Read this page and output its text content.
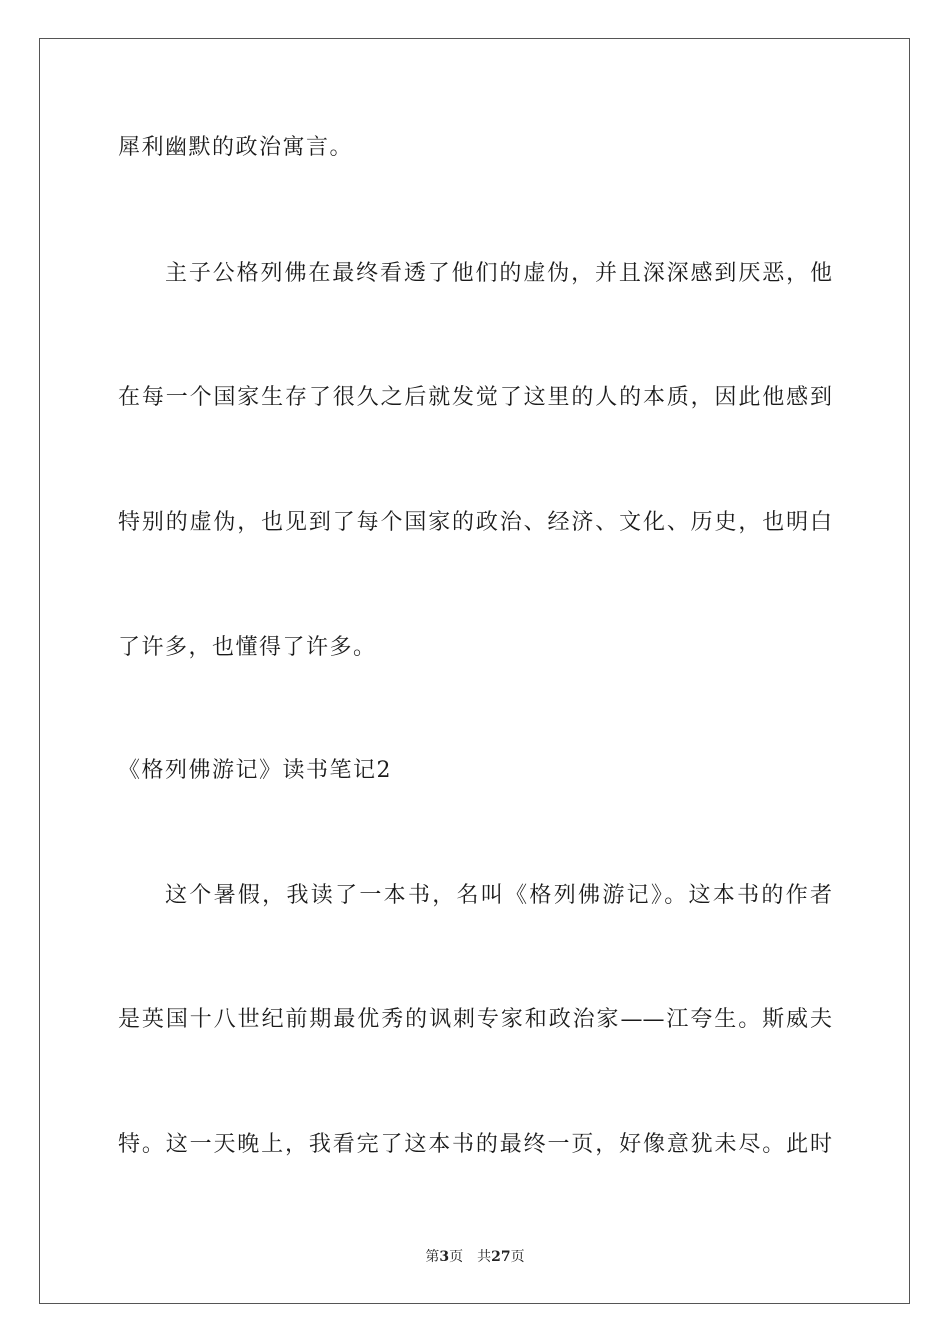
犀利幽默的政治寓言。
主子公格列佛在最终看透了他们的虚伪，并且深深感到厌恶，他
在每一个国家生存了很久之后就发觉了这里的人的本质，因此他感到
特别的虚伪，也见到了每个国家的政治、经济、文化、历史，也明白
了许多，也懂得了许多。
《格列佛游记》读书笔记2
这个暑假，我读了一本书，名叫《格列佛游记》。这本书的作者
是英国十八世纪前期最优秀的讽刺专家和政治家——江夸生。斯威夫
特。这一天晚上，我看完了这本书的最终一页，好像意犹未尽。此时
第3页 共27页
